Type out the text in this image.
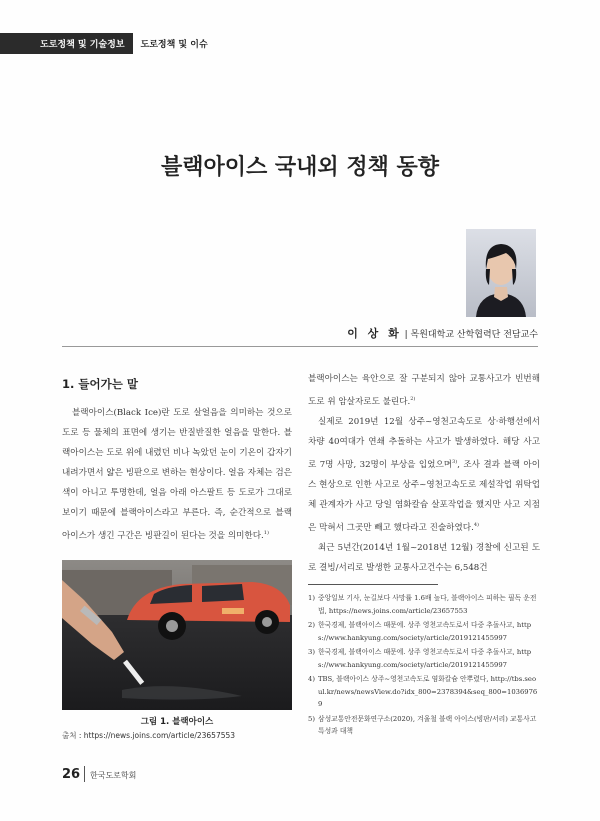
도로정책 및 기술정보	도로정책 및 이슈
블랙아이스 국내외 정책 동향
이 상 화 | 목원대학교 산학협력단 전담교수
1. 들어가는 말

블랙아이스(Black Ice)란 도로 살얼음을 의미하는 것으로 도로 등 물체의 표면에 생기는 반질반질한 얼음을 말한다. 블랙아이스는 도로 위에 내렸던 비나 녹았던 눈이 기온이 갑자기 내려가면서 얇은 빙판으로 변하는 현상이다. 얼음 자체는 검은색이 아니고 투명한데, 얼음 아래 아스팔트 등 도로가 그대로 보이기 때문에 블랙아이스라고 부른다. 즉, 순간적으로 블랙 아이스가 생긴 구간은 빙판길이 된다는 것을 의미한다.$^{1)}$

그림 1. 블랙아이스
출처 : https://news.joins.com/article/23657553

블랙아이스는 육안으로 잘 구분되지 않아 교통사고가 빈번해 도로 위 암살자로도 불린다.$^{2)}$

실제로 2019년 12월 상주~영천고속도로 상·하행선에서 차량 40여대가 연쇄 추돌하는 사고가 발생하였다. 해당 사고로 7명 사망, 32명이 부상을 입었으며$^{3)}$, 조사 결과 블랙 아이스 현상으로 인한 사고로 상주~영천고속도로 제설작업 위탁업체 관계자가 사고 당일 염화칼슘 살포작업을 했지만 사고 지점은 막혀서 그곳만 빼고 했다라고 진술하였다.$^{4)}$

최근 5년간(2014년 1월~2018년 12월) 경찰에 신고된 도로 결빙/서리로 발생한 교통사고건수는 6,548건

1) 중앙일보 기사, 눈길보다 사망률 1.6배 높다, 블랙아이스 피하는 필독 운전법, https://news.joins.com/article/23657553
2) 한국경제, 블랙아이스 때문에. 상주 영천고속도로서 다중 추돌사고, https://www.hankyung.com/society/article/2019121455997
3) 한국경제, 블랙아이스 때문에. 상주 영천고속도로서 다중 추돌사고, https://www.hankyung.com/society/article/2019121455997
4) TBS, 블랙아이스 상주~영천고속도로 염화칼슘 안뿌렸다, http://tbs.seoul.kr/news/newsView.do?idx_800=2378394&seq_800=10369769
5) 삼성교통안전문화연구소(2020), 겨울철 블랙 아이스(빙판/서리) 교통사고 특성과 대책
26 한국도로학회
